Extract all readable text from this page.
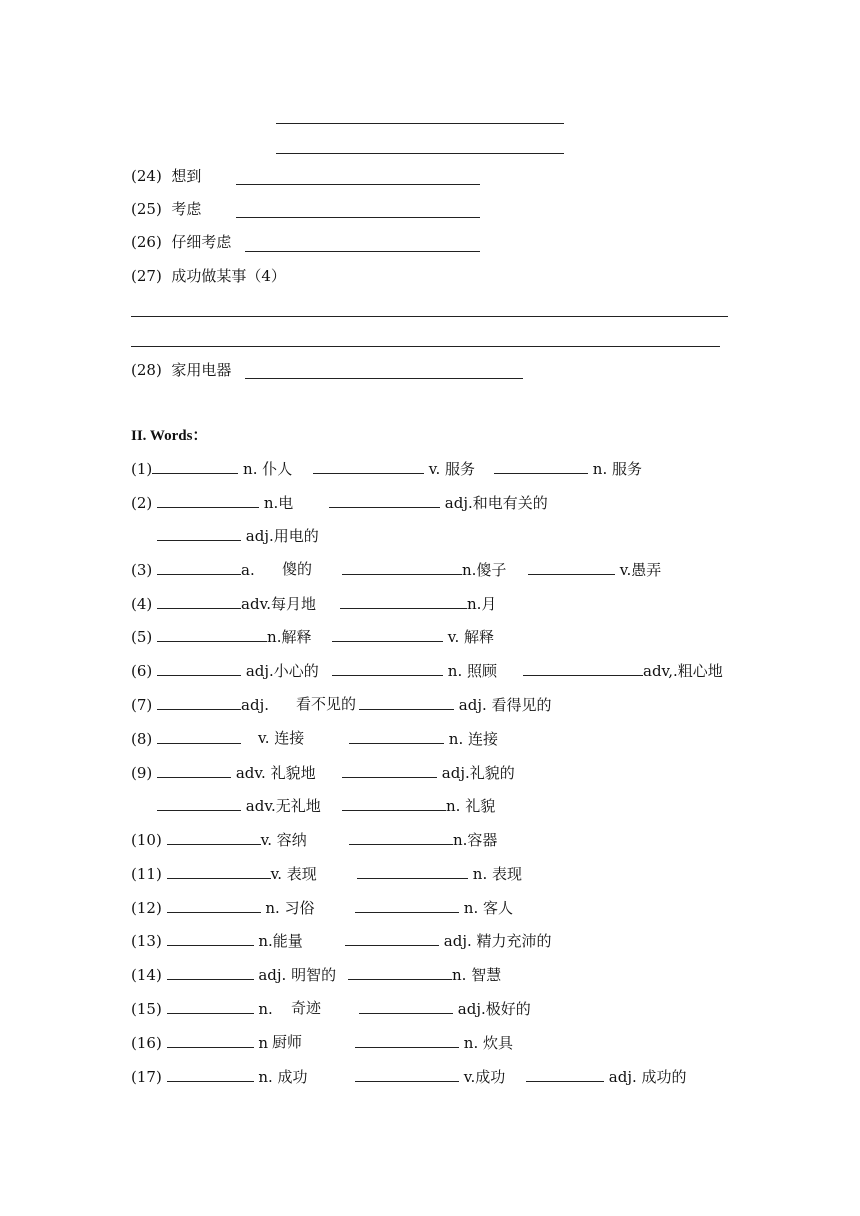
(24) 想到
(25) 考虑
(26) 仔细考虑
(27) 成功做某事（4）
(28) 家用电器
II. Words：
(1)	n. 仆人	v. 服务	n. 服务
(2)	n.电	adj.和电有关的
adj.用电的
(3)	a. 傻的	n.傻子	v.愚弄
(4)	adv.每月地	n.月
(5)	n.解释	v. 解释
(6)	adj.小心的	n. 照顾	adv,.粗心地
(7)	adj. 看不见的	adj. 看得见的
(8)	v. 连接	n. 连接
(9)	adv. 礼貌地	adj.礼貌的
adv.无礼地	n. 礼貌
(10)	v. 容纳	n.容器
(11)	v. 表现	n. 表现
(12)	n. 习俗	n. 客人
(13)	n.能量	adj. 精力充沛的
(14)	adj. 明智的	n. 智慧
(15)	n. 奇迹	adj.极好的
(16)	n 厨师	n. 炊具
(17)	n. 成功	v.成功	adj. 成功的
